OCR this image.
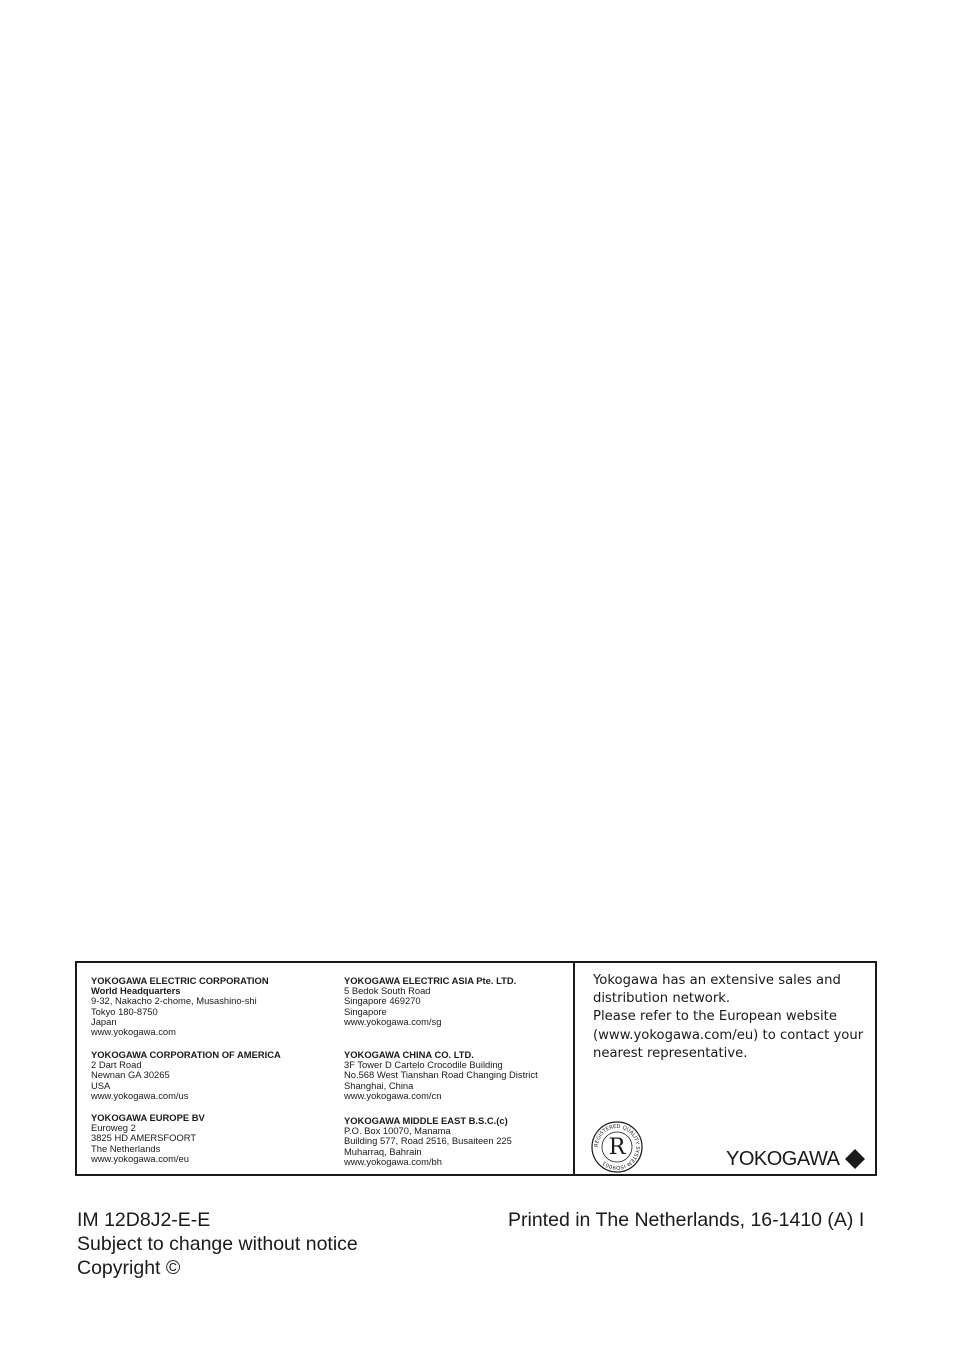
YOKOGAWA ELECTRIC CORPORATION
World Headquarters
9-32, Nakacho 2-chome, Musashino-shi
Tokyo 180-8750
Japan
www.yokogawa.com
YOKOGAWA CORPORATION OF AMERICA
2 Dart Road
Newnan GA 30265
USA
www.yokogawa.com/us
YOKOGAWA EUROPE BV
Euroweg 2
3825 HD AMERSFOORT
The Netherlands
www.yokogawa.com/eu
YOKOGAWA ELECTRIC ASIA Pte. LTD.
5 Bedok South Road
Singapore 469270
Singapore
www.yokogawa.com/sg
YOKOGAWA CHINA CO. LTD.
3F Tower D Cartelo Crocodile Building
No.568 West Tianshan Road Changing District
Shanghai, China
www.yokogawa.com/cn
YOKOGAWA MIDDLE EAST B.S.C.(c)
P.O. Box 10070, Manama
Building 577, Road 2516, Busaiteen 225
Muharraq, Bahrain
www.yokogawa.com/bh
Yokogawa has an extensive sales and
distribution network.
Please refer to the European website
(www.yokogawa.com/eu) to contact your
nearest representative.
REGISTERED QUALITY SYSTEM ISO9001
R	YOKOGAWA
IM 12D8J2-E-E
Subject to change without notice
Copyright ©
Printed in The Netherlands, 16-1410 (A) I
